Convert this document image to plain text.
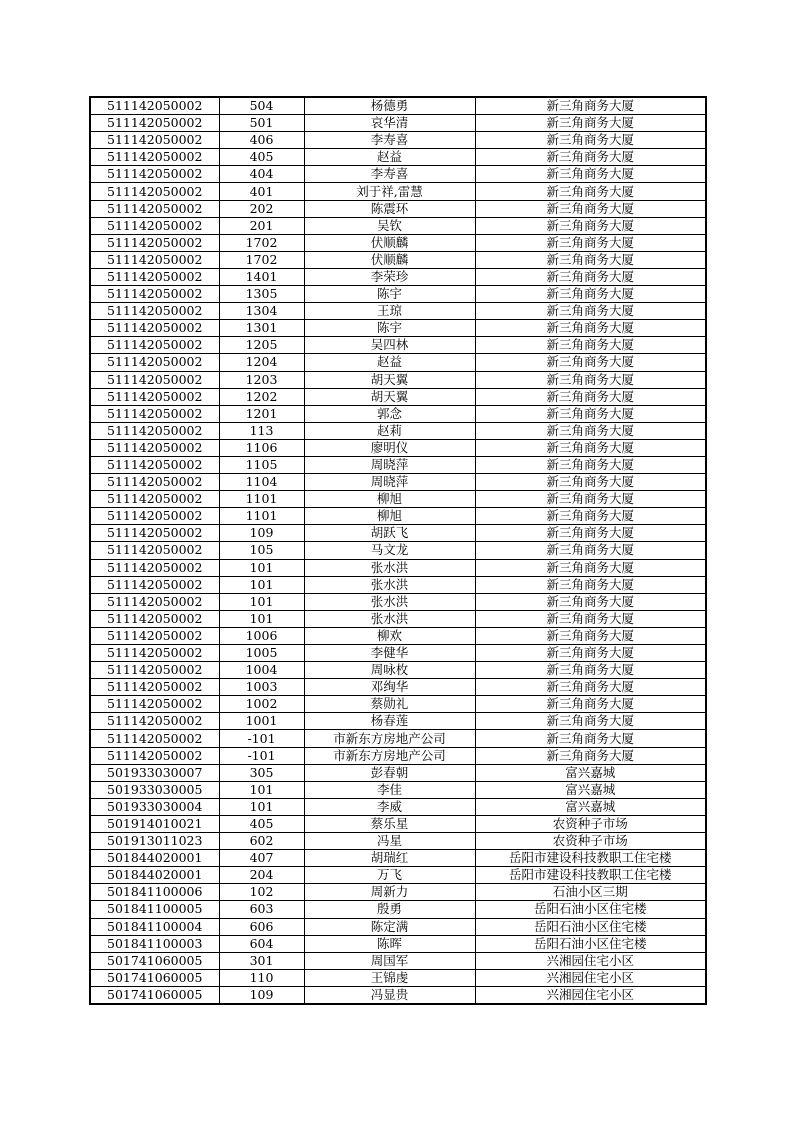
511142050002	504	杨德勇	新三角商务大厦
511142050002	501	哀华清	新三角商务大厦
511142050002	406	李寿喜	新三角商务大厦
511142050002	405	赵益	新三角商务大厦
511142050002	404	李寿喜	新三角商务大厦
511142050002	401	刘于祥,雷慧	新三角商务大厦
511142050002	202	陈震环	新三角商务大厦
511142050002	201	吴钦	新三角商务大厦
511142050002	1702	伏顺麟	新三角商务大厦
511142050002	1702	伏顺麟	新三角商务大厦
511142050002	1401	李荣珍	新三角商务大厦
511142050002	1305	陈宇	新三角商务大厦
511142050002	1304	王琼	新三角商务大厦
511142050002	1301	陈宇	新三角商务大厦
511142050002	1205	吴四林	新三角商务大厦
511142050002	1204	赵益	新三角商务大厦
511142050002	1203	胡天翼	新三角商务大厦
511142050002	1202	胡天翼	新三角商务大厦
511142050002	1201	郭念	新三角商务大厦
511142050002	113	赵莉	新三角商务大厦
511142050002	1106	廖明仪	新三角商务大厦
511142050002	1105	周晓萍	新三角商务大厦
511142050002	1104	周晓萍	新三角商务大厦
511142050002	1101	柳旭	新三角商务大厦
511142050002	1101	柳旭	新三角商务大厦
511142050002	109	胡跃飞	新三角商务大厦
511142050002	105	马文龙	新三角商务大厦
511142050002	101	张水洪	新三角商务大厦
511142050002	101	张水洪	新三角商务大厦
511142050002	101	张水洪	新三角商务大厦
511142050002	101	张水洪	新三角商务大厦
511142050002	1006	柳欢	新三角商务大厦
511142050002	1005	李健华	新三角商务大厦
511142050002	1004	周咏枚	新三角商务大厦
511142050002	1003	邓绚华	新三角商务大厦
511142050002	1002	蔡勋礼	新三角商务大厦
511142050002	1001	杨春莲	新三角商务大厦
511142050002	-101	市新东方房地产公司	新三角商务大厦
511142050002	-101	市新东方房地产公司	新三角商务大厦
501933030007	305	彭春朝	富兴嘉城
501933030005	101	李佳	富兴嘉城
501933030004	101	李威	富兴嘉城
501914010021	405	蔡乐星	农资种子市场
501913011023	602	冯星	农资种子市场
501844020001	407	胡瑞红	岳阳市建设科技教职工住宅楼
501844020001	204	万飞	岳阳市建设科技教职工住宅楼
501841100006	102	周新力	石油小区三期
501841100005	603	殷勇	岳阳石油小区住宅楼
501841100004	606	陈定满	岳阳石油小区住宅楼
501841100003	604	陈晖	岳阳石油小区住宅楼
501741060005	301	周国军	兴湘园住宅小区
501741060005	110	王锦虔	兴湘园住宅小区
501741060005	109	冯显贵	兴湘园住宅小区
